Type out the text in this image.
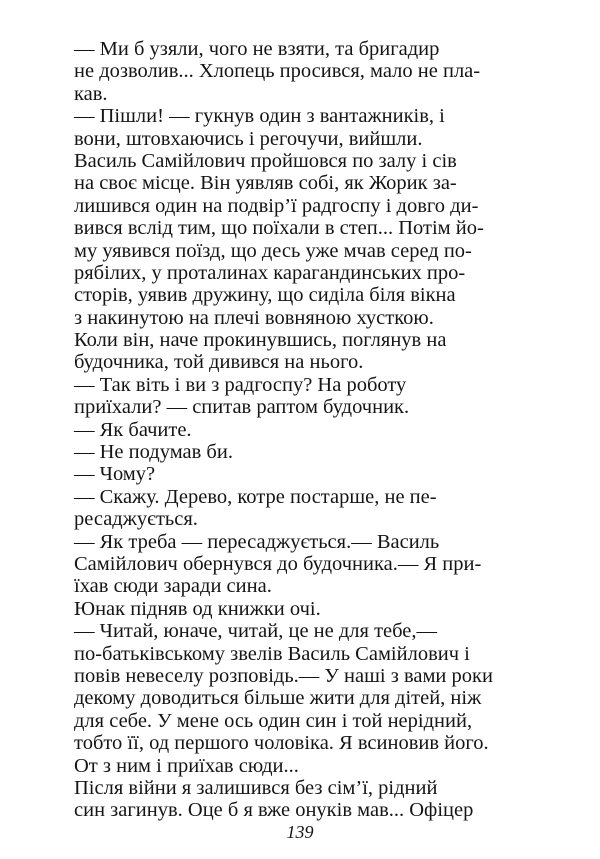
— Ми б узяли, чого не взяти, та бригадир
не дозволив... Хлопець просився, мало не пла-
кав.
— Пішли! — гукнув один з вантажників, і
вони, штовхаючись і регочучи, вийшли.
Василь Самійлович пройшовся по залу і сів
на своє місце. Він уявляв собі, як Жорик за-
лишився один на подвір’ї радгоспу і довго ди-
вився вслід тим, що поїхали в степ... Потім йо-
му уявився поїзд, що десь уже мчав серед по-
рябілих, у проталинах карагандинських про-
сторів, уявив дружину, що сиділа біля вікна
з накинутою на плечі вовняною хусткою.
Коли він, наче прокинувшись, поглянув на
будочника, той дивився на нього.
— Так віть і ви з радгоспу? На роботу
приїхали? — спитав раптом будочник.
— Як бачите.
— Не подумав би.
— Чому?
— Скажу. Дерево, котре постарше, не пе-
ресаджується.
— Як треба — пересаджується.— Василь
Самійлович обернувся до будочника.— Я при-
їхав сюди заради сина.
Юнак підняв од книжки очі.
— Читай, юначе, читай, це не для тебе,—
по-батьківському звелів Василь Самійлович і
повів невеселу розповідь.— У наші з вами роки
декому доводиться більше жити для дітей, ніж
для себе. У мене ось один син і той нерідний,
тобто її, од першого чоловіка. Я всиновив його.
От з ним і приїхав сюди...
Після війни я залишився без сім’ї, рідний
син загинув. Оце б я вже онуків мав... Офіцер
139
